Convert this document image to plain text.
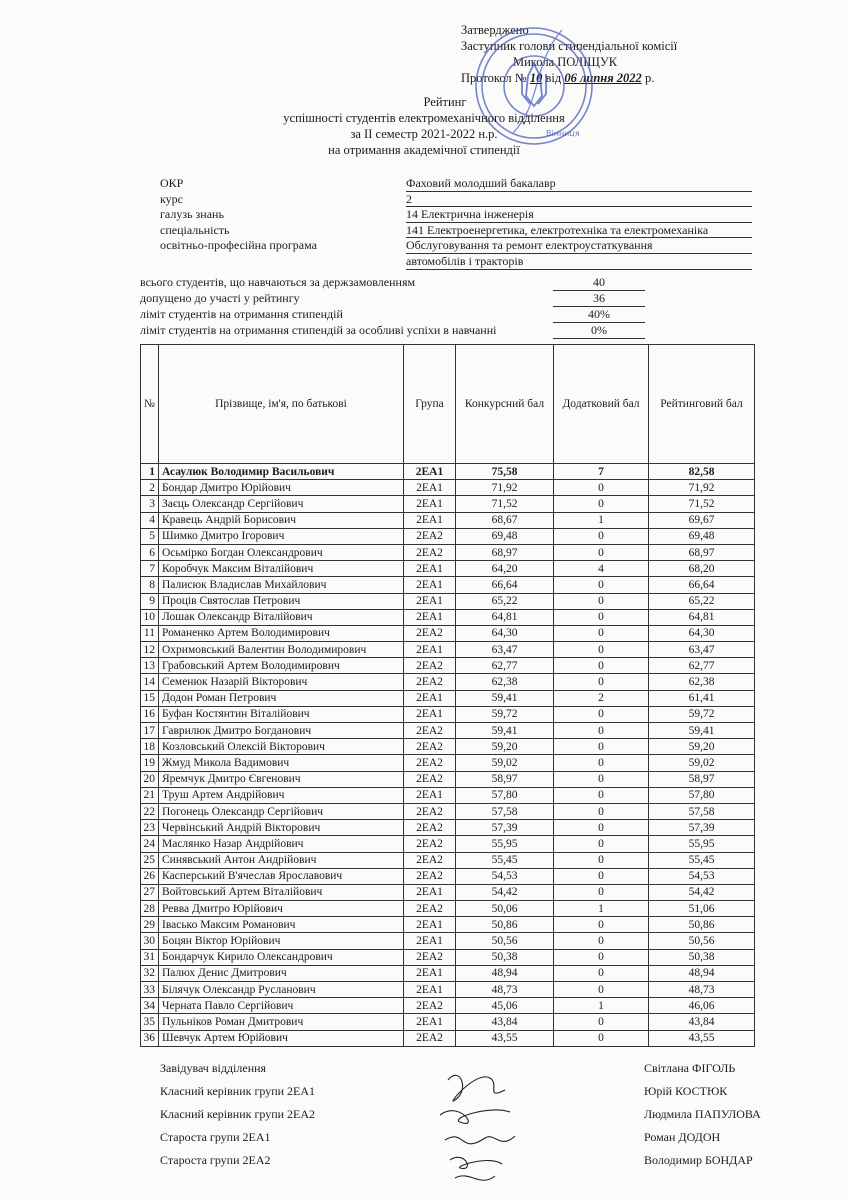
Затверджено
Заступник голови стипендіальної комісії
Микола ПОЛІЩУК
Протокол № 10 від 06 липня 2022 р.
Вінниця
Рейтинг
успішності студентів електромеханічного відділення
за ІІ семестр 2021-2022 н.р.
на отримання академічної стипендії
ОКР	Фаховий молодший бакалавр
курс	2
галузь знань	14 Електрична інженерія
спеціальність	141 Електроенергетика, електротехніка та електромеханіка
освітньо-професійна програма	Обслуговування та ремонт електроустаткування
автомобілів і тракторів
всього студентів, що навчаються за держзамовленням	40
допущено до участі у рейтингу	36
ліміт студентів на отримання стипендій	40%
ліміт студентів на отримання стипендій за особливі успіхи в навчанні	0%
№	Прізвище, ім'я, по батькові	Група	Конкурсний бал	Додатковий бал	Рейтинговий бал
1	Асаулюк Володимир Васильович	2ЕА1	75,58	7	82,58
2	Бондар Дмитро Юрійович	2ЕА1	71,92	0	71,92
3	Заєць Олександр Сергійович	2ЕА1	71,52	0	71,52
4	Кравець Андрій Борисович	2ЕА1	68,67	1	69,67
5	Шимко Дмитро Ігорович	2ЕА2	69,48	0	69,48
6	Осьмірко Богдан Олександрович	2ЕА2	68,97	0	68,97
7	Коробчук Максим Віталійович	2ЕА1	64,20	4	68,20
8	Палисюк Владислав Михайлович	2ЕА1	66,64	0	66,64
9	Проців Святослав Петрович	2ЕА1	65,22	0	65,22
10	Лошак Олександр Віталійович	2ЕА1	64,81	0	64,81
11	Романенко Артем Володимирович	2ЕА2	64,30	0	64,30
12	Охримовський Валентин Володимирович	2ЕА1	63,47	0	63,47
13	Грабовський Артем Володимирович	2ЕА2	62,77	0	62,77
14	Семенюк Назарій Вікторович	2ЕА2	62,38	0	62,38
15	Додон Роман Петрович	2ЕА1	59,41	2	61,41
16	Буфан Костянтин Віталійович	2ЕА1	59,72	0	59,72
17	Гаврилюк Дмитро Богданович	2ЕА2	59,41	0	59,41
18	Козловський Олексій Вікторович	2ЕА2	59,20	0	59,20
19	Жмуд Микола Вадимович	2ЕА2	59,02	0	59,02
20	Яремчук Дмитро Євгенович	2ЕА2	58,97	0	58,97
21	Труш Артем Андрійович	2ЕА1	57,80	0	57,80
22	Погонець Олександр Сергійович	2ЕА2	57,58	0	57,58
23	Червінський Андрій Вікторович	2ЕА2	57,39	0	57,39
24	Маслянко Назар Андрійович	2ЕА2	55,95	0	55,95
25	Синявський Антон Андрійович	2ЕА2	55,45	0	55,45
26	Касперський В'ячеслав Ярославович	2ЕА2	54,53	0	54,53
27	Войтовський Артем Віталійович	2ЕА1	54,42	0	54,42
28	Ревва Дмитро Юрійович	2ЕА2	50,06	1	51,06
29	Івасько Максим Романович	2ЕА1	50,86	0	50,86
30	Боцян Віктор Юрійович	2ЕА1	50,56	0	50,56
31	Бондарчук Кирило Олександрович	2ЕА2	50,38	0	50,38
32	Палюх Денис Дмитрович	2ЕА1	48,94	0	48,94
33	Білячук Олександр Русланович	2ЕА1	48,73	0	48,73
34	Черната Павло Сергійович	2ЕА2	45,06	1	46,06
35	Пульніков Роман Дмитрович	2ЕА1	43,84	0	43,84
36	Шевчук Артем Юрійович	2ЕА2	43,55	0	43,55
Завідувач відділення	Світлана ФІГОЛЬ
Класний керівник групи 2ЕА1	Юрій КОСТЮК
Класний керівник групи 2ЕА2	Людмила ПАПУЛОВА
Староста групи 2ЕА1	Роман ДОДОН
Староста групи 2ЕА2	Володимир БОНДАР
